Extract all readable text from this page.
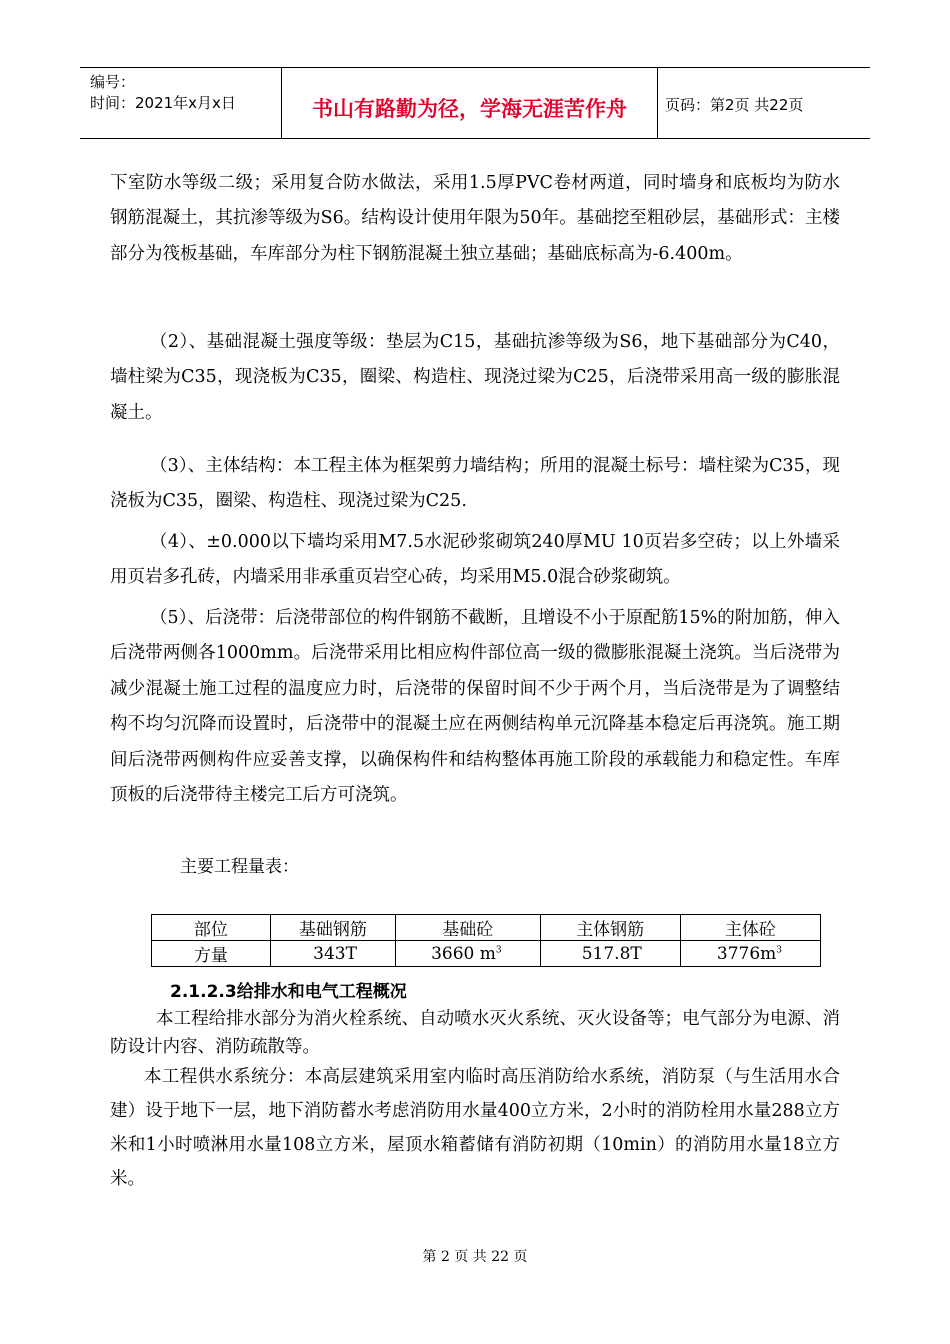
编号：
时间：2021年x月x日	书山有路勤为径，学海无涯苦作舟	页码：第2页 共22页

下室防水等级二级；采用复合防水做法，采用1.5厚PVC卷材两道，同时墙身和底板均为防水钢筋混凝土，其抗渗等级为S6。结构设计使用年限为50年。基础挖至粗砂层，基础形式：主楼部分为筏板基础，车库部分为柱下钢筋混凝土独立基础；基础底标高为-6.400m。

（2）、基础混凝土强度等级：垫层为C15，基础抗渗等级为S6，地下基础部分为C40，墙柱梁为C35，现浇板为C35，圈梁、构造柱、现浇过梁为C25，后浇带采用高一级的膨胀混凝土。

（3）、主体结构：本工程主体为框架剪力墙结构；所用的混凝土标号：墙柱梁为C35，现浇板为C35，圈梁、构造柱、现浇过梁为C25.

（4）、±0.000以下墙均采用M7.5水泥砂浆砌筑240厚MU 10页岩多空砖；以上外墙采用页岩多孔砖，内墙采用非承重页岩空心砖，均采用M5.0混合砂浆砌筑。

（5）、后浇带：后浇带部位的构件钢筋不截断，且增设不小于原配筋15%的附加筋，伸入后浇带两侧各1000mm。后浇带采用比相应构件部位高一级的微膨胀混凝土浇筑。当后浇带为减少混凝土施工过程的温度应力时，后浇带的保留时间不少于两个月，当后浇带是为了调整结构不均匀沉降而设置时，后浇带中的混凝土应在两侧结构单元沉降基本稳定后再浇筑。施工期间后浇带两侧构件应妥善支撑，以确保构件和结构整体再施工阶段的承载能力和稳定性。车库顶板的后浇带待主楼完工后方可浇筑。

主要工程量表：

部位	基础钢筋	基础砼	主体钢筋	主体砼
方量	343T	3660 $m^3$	517.8T	$3776m^3$
2.1.2.3给排水和电气工程概况

本工程给排水部分为消火栓系统、自动喷水灭火系统、灭火设备等；电气部分为电源、消防设计内容、消防疏散等。

本工程供水系统分：本高层建筑采用室内临时高压消防给水系统，消防泵（与生活用水合建）设于地下一层，地下消防蓄水考虑消防用水量400立方米，2小时的消防栓用水量288立方米和1小时喷淋用水量108立方米，屋顶水箱蓄储有消防初期（10min）的消防用水量18立方米。

第 2 页 共 22 页
